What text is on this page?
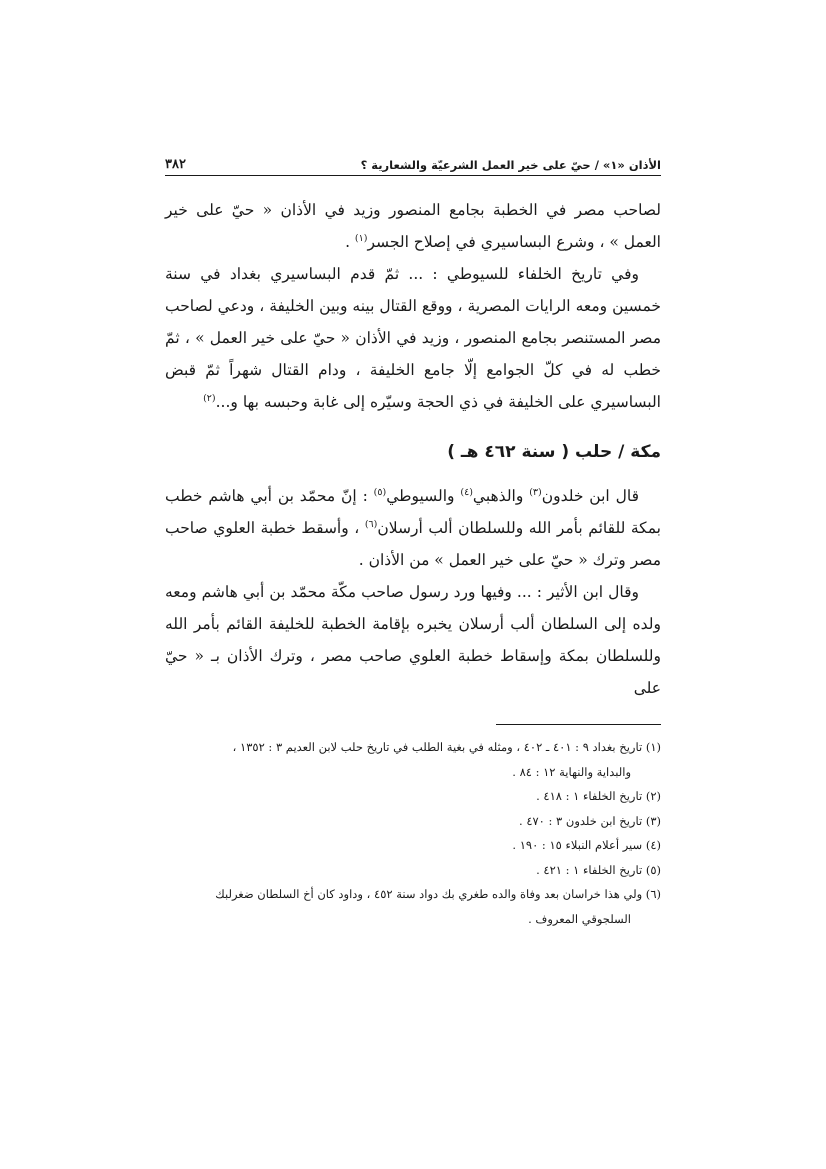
الأذان «١» / حيّ على خير العمل الشرعيّة والشعارية ؟
٣٨٢

لصاحب مصر في الخطبة بجامع المنصور وزيد في الأذان « حيّ على خير العمل » ، وشرع البساسيري في إصلاح الجسر$^{(١)}$ .

وفي تاريخ الخلفاء للسيوطي : ... ثمّ قدم البساسيري بغداد في سنة خمسين ومعه الرايات المصرية ، ووقع القتال بينه وبين الخليفة ، ودعي لصاحب مصر المستنصر بجامع المنصور ، وزيد في الأذان « حيّ على خير العمل » ، ثمّ خطب له في كلّ الجوامع إلّا جامع الخليفة ، ودام القتال شهراً ثمّ قبض البساسيري على الخليفة في ذي الحجة وسيّره إلى غابة وحبسه بها و...$^{(٢)}$

مكة / حلب ( سنة ٤٦٢ هـ )

قال ابن خلدون$^{(٣)}$ والذهبي$^{(٤)}$ والسيوطي$^{(٥)}$ : إنّ محمّد بن أبي هاشم خطب بمكة للقائم بأمر الله وللسلطان ألب أرسلان$^{(٦)}$ ، وأسقط خطبة العلوي صاحب مصر وترك « حيّ على خير العمل » من الأذان .

وقال ابن الأثير : ... وفيها ورد رسول صاحب مكّة محمّد بن أبي هاشم ومعه ولده إلى السلطان ألب أرسلان يخبره بإقامة الخطبة للخليفة القائم بأمر الله وللسلطان بمكة وإسقاط خطبة العلوي صاحب مصر ، وترك الأذان بـ « حيّ على

(١) تاريخ بغداد ٩ : ٤٠١ ـ ٤٠٢ ، ومثله في بغية الطلب في تاريخ حلب لابن العديم ٣ : ١٣٥٢ ،

والبداية والنهاية ١٢ : ٨٤ .

(٢) تاريخ الخلفاء ١ : ٤١٨ .

(٣) تاريخ ابن خلدون ٣ : ٤٧٠ .

(٤) سير أعلام النبلاء ١٥ : ١٩٠ .

(٥) تاريخ الخلفاء ١ : ٤٢١ .

(٦) ولي هذا خراسان بعد وفاة والده طغري بك دواد سنة ٤٥٢ ، وداود كان أخ السلطان ضغرلبك

السلجوقي المعروف .
